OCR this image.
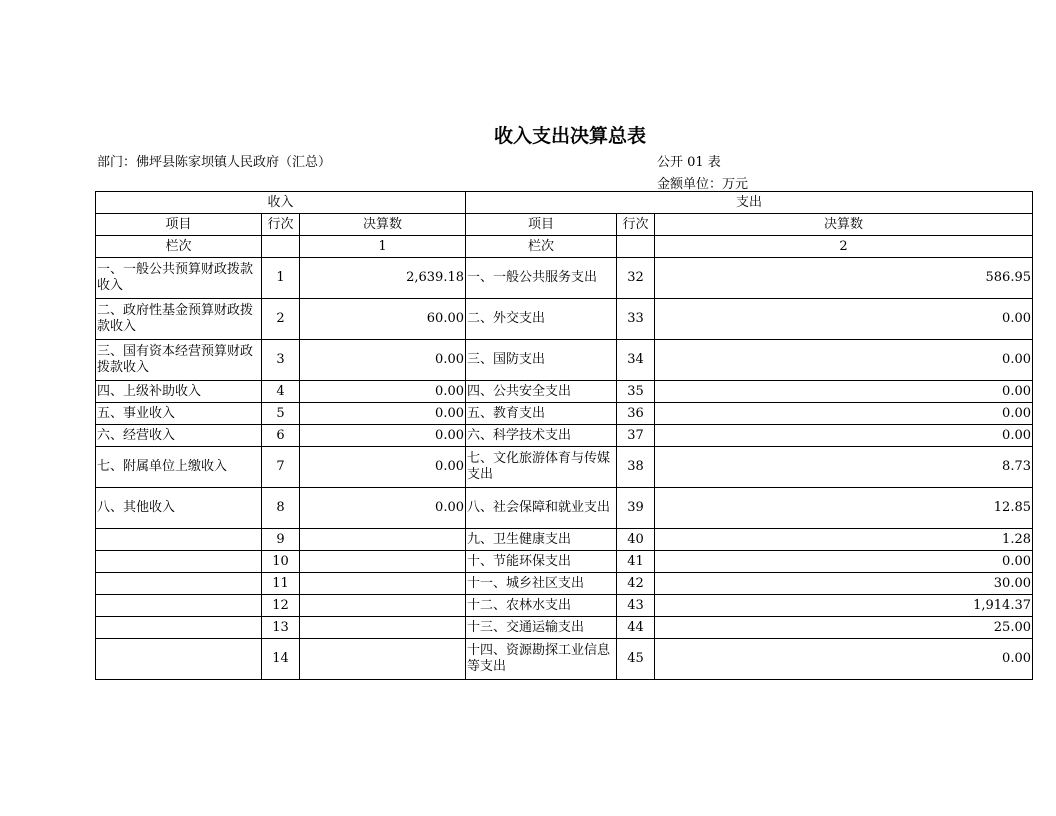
收入支出决算总表
部门：佛坪县陈家坝镇人民政府（汇总）	公开 01 表
金额单位：万元
收入			支出		
项目	行次	决算数	项目	行次	决算数
栏次		1	栏次		2
一、一般公共预算财政拨款收入	1	2,639.18	一、一般公共服务支出	32	586.95
二、政府性基金预算财政拨款收入	2	60.00	二、外交支出	33	0.00
三、国有资本经营预算财政拨款收入	3	0.00	三、国防支出	34	0.00
四、上级补助收入	4	0.00	四、公共安全支出	35	0.00
五、事业收入	5	0.00	五、教育支出	36	0.00
六、经营收入	6	0.00	六、科学技术支出	37	0.00
七、附属单位上缴收入	7	0.00	七、文化旅游体育与传媒支出	38	8.73
八、其他收入	8	0.00	八、社会保障和就业支出	39	12.85
	9		九、卫生健康支出	40	1.28
	10		十、节能环保支出	41	0.00
	11		十一、城乡社区支出	42	30.00
	12		十二、农林水支出	43	1,914.37
	13		十三、交通运输支出	44	25.00
	14		十四、资源勘探工业信息等支出	45	0.00
